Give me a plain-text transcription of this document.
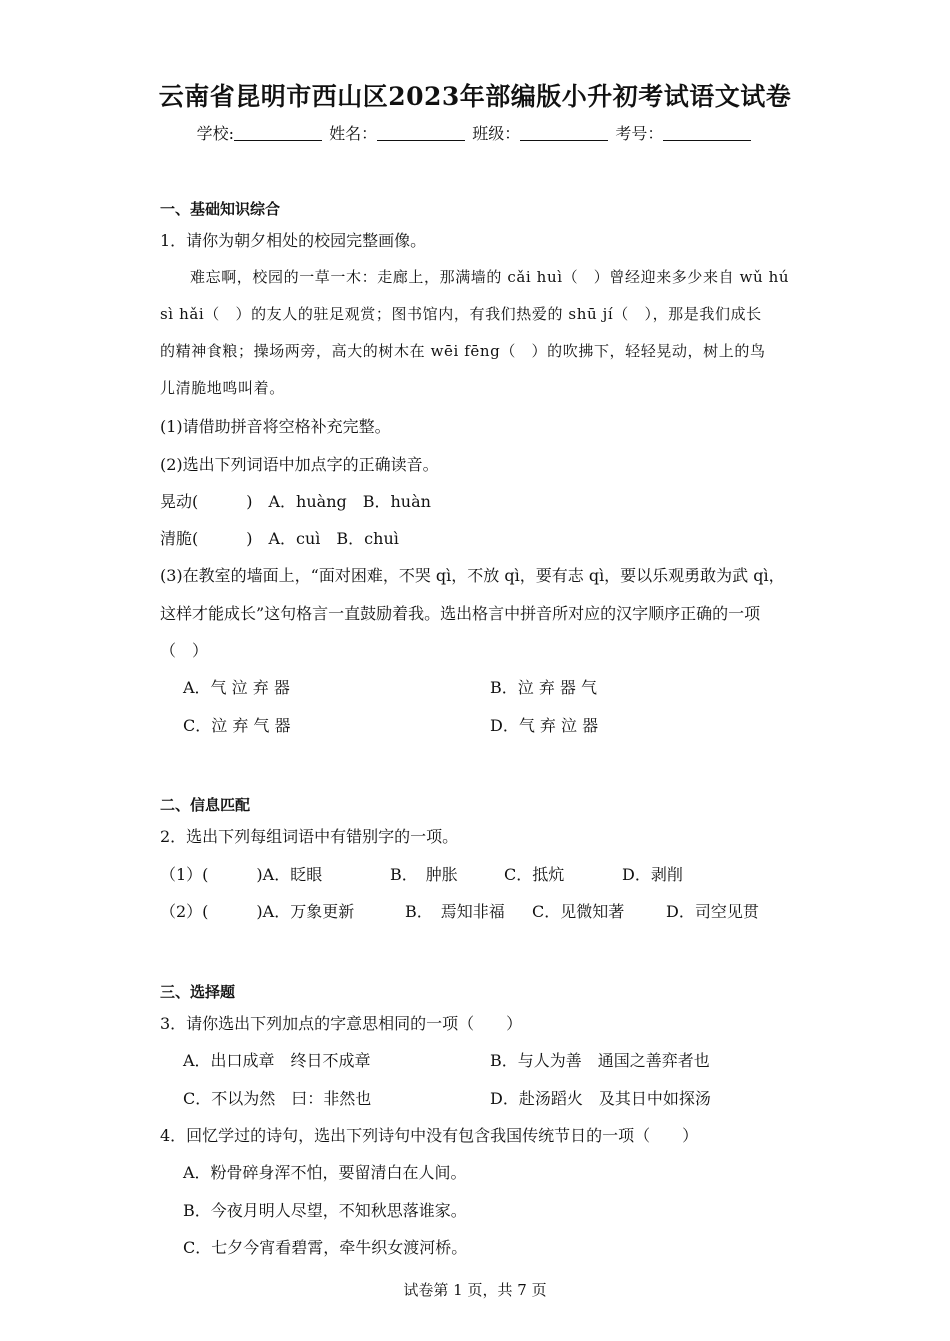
云南省昆明市西山区2023年部编版小升初考试语文试卷
学校:	姓名：	班级：	考号：
一、基础知识综合
1．请你为朝夕相处的校园完整画像。
难忘啊，校园的一草一木：走廊上，那满墙的 cǎi huì（　）曾经迎来多少来自 wǔ hú
sì hǎi（　）的友人的驻足观赏；图书馆内，有我们热爱的 shū jí（　），那是我们成长
的精神食粮；操场两旁，高大的树木在 wēi fēng（　）的吹拂下，轻轻晃动，树上的鸟
儿清脆地鸣叫着。
(1)请借助拼音将空格补充完整。
(2)选出下列词语中加点字的正确读音。
晃动(　　　)　A．huàng　B．huàn
清脆(　　　)　A．cuì　B．chuì
(3)在教室的墙面上，“面对困难，不哭 qì，不放 qì，要有志 qì，要以乐观勇敢为武 qì，
这样才能成长”这句格言一直鼓励着我。选出格言中拼音所对应的汉字顺序正确的一项
（　）
A．气 泣 弃 器	B．泣 弃 器 气
C．泣 弃 气 器	D．气 弃 泣 器
二、信息匹配
2．选出下列每组词语中有错别字的一项。
（1）(　　　)A．眨眼	B．　肿胀	C．抵炕	D．剥削
（2）(　　　)A．万象更新	B．　焉知非福 C．见微知著	D．司空见贯
三、选择题
3．请你选出下列加点的字意思相同的一项（　　）
A．出口成章　终日不成章	B．与人为善　通国之善弈者也
C．不以为然　曰：非然也	D．赴汤蹈火　及其日中如探汤
4．回忆学过的诗句，选出下列诗句中没有包含我国传统节日的一项（　　）
A．粉骨碎身浑不怕，要留清白在人间。
B．今夜月明人尽望，不知秋思落谁家。
C．七夕今宵看碧霄，牵牛织女渡河桥。
试卷第 1 页，共 7 页
